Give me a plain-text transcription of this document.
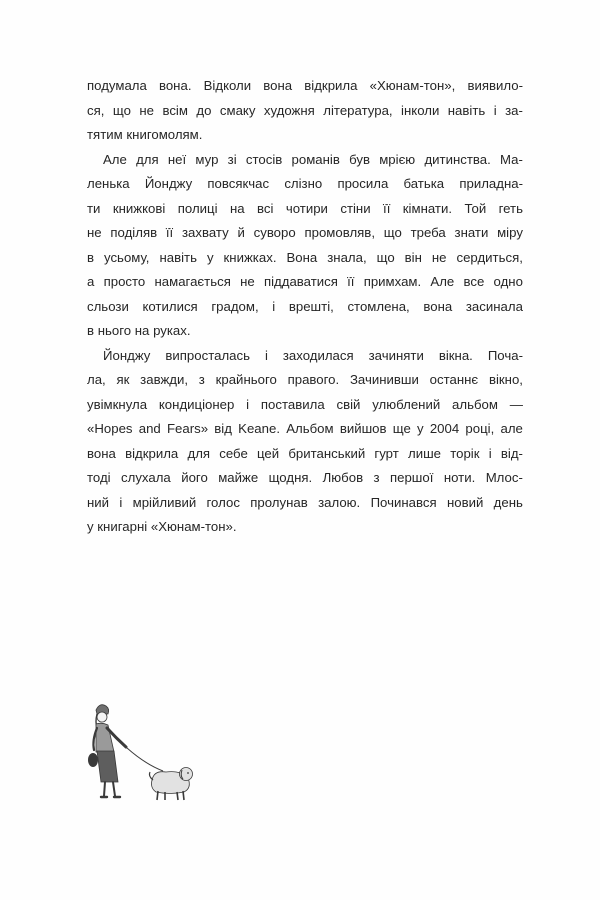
подумала вона. Відколи вона відкрила «Хюнам-тон», виявило-
ся, що не всім до смаку художня література, інколи навіть і за-
тятим книгомолям.
Але для неї мур зі стосів романів був мрією дитинства. Ма-
ленька Йонджу повсякчас слізно просила батька приладна-
ти книжкові полиці на всі чотири стіни її кімнати. Той геть
не поділяв її захвату й суворо промовляв, що треба знати міру
в усьому, навіть у книжках. Вона знала, що він не сердиться,
а просто намагається не піддаватися її примхам. Але все одно
сльози котилися градом, і врешті, стомлена, вона засинала
в нього на руках.
Йонджу випросталась і заходилася зачиняти вікна. Поча-
ла, як завжди, з крайнього правого. Зачинивши останнє вікно,
увімкнула кондиціонер і поставила свій улюблений альбом —
«Hopes and Fears» від Keane. Альбом вийшов ще у 2004 році, але
вона відкрила для себе цей британський гурт лише торік і від-
тоді слухала його майже щодня. Любов з першої ноти. Млос-
ний і мрійливий голос пролунав залою. Починався новий день
у книгарні «Хюнам-тон».
